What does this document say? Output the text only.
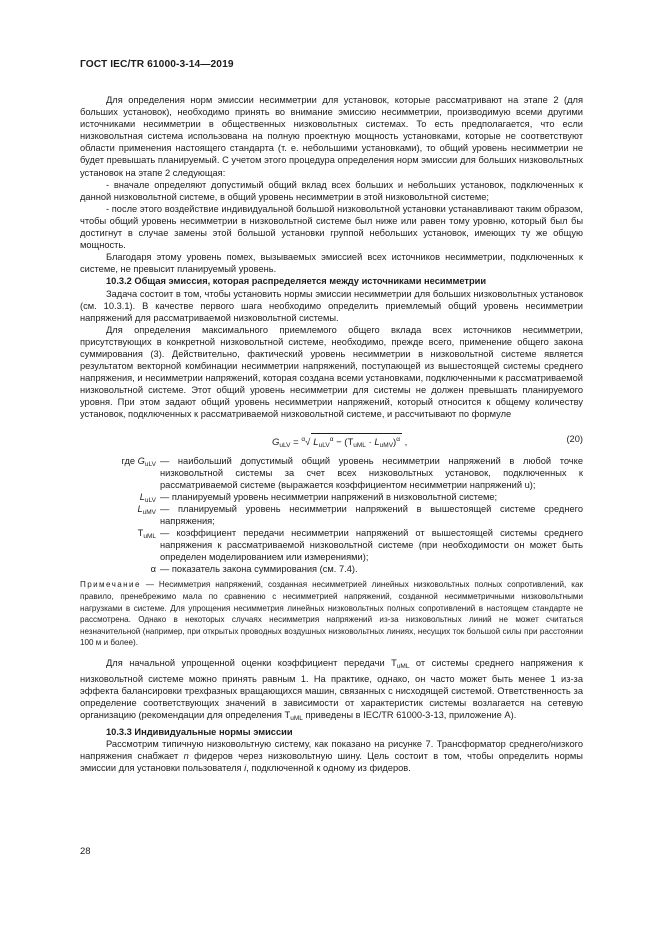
ГОСТ IEC/TR 61000-3-14—2019

Для определения норм эмиссии несимметрии для установок, которые рассматривают на этапе 2 (для больших установок), необходимо принять во внимание эмиссию несимметрии, производимую всеми другими источниками несимметрии в общественных низковольтных системах. То есть предполагается, что если низковольтная система использована на полную проектную мощность установками, которые не соответствуют области применения настоящего стандарта (т. е. небольшими установками), то общий уровень несимметрии не будет превышать планируемый. С учетом этого процедура определения норм эмиссии для больших низковольтных установок на этапе 2 следующая:

- вначале определяют допустимый общий вклад всех больших и небольших установок, подключенных к данной низковольтной системе, в общий уровень несимметрии в этой низковольтной системе;

- после этого воздействие индивидуальной большой низковольтной установки устанавливают таким образом, чтобы общий уровень несимметрии в низковольтной системе был ниже или равен тому уровню, который был бы достигнут в случае замены этой большой установки группой небольших установок, имеющих ту же общую мощность.

Благодаря этому уровень помех, вызываемых эмиссией всех источников несимметрии, подключенных к системе, не превысит планируемый уровень.

10.3.2 Общая эмиссия, которая распределяется между источниками несимметрии

Задача состоит в том, чтобы установить нормы эмиссии несимметрии для больших низковольтных установок (см. 10.3.1). В качестве первого шага необходимо определить приемлемый общий уровень несимметрии напряжений для рассматриваемой низковольтной системы.

Для определения максимального приемлемого общего вклада всех источников несимметрии, присутствующих в конкретной низковольтной системе, необходимо, прежде всего, применение общего закона суммирования (3). Действительно, фактический уровень несимметрии в низковольтной системе является результатом векторной комбинации несимметрии напряжений, поступающей из вышестоящей системы среднего напряжения, и несимметрии напряжений, которая создана всеми установками, подключенными к рассматриваемой низковольтной системе. Этот общий уровень несимметрии для системы не должен превышать планируемого уровня. При этом задают общий уровень несимметрии напряжений, который относится к общему количеству установок, подключенных к рассматриваемой низковольтной системе, и рассчитывают по формуле

$G_{uLV} = ^\alpha√$ $L_{uLV}^\alpha - (T_{uML} \cdot L_{uMV})^\alpha$ ,	(20)
где $G_{uLV}$ — наибольший допустимый общий уровень несимметрии напряжений в любой точке низковольтной системы за счет всех низковольтных установок, подключенных к рассматриваемой системе (выражается коэффициентом несимметрии напряжений u);
$L_{uLV}$ — планируемый уровень несимметрии напряжений в низковольтной системе;
$L_{uMV}$ — планируемый уровень несимметрии напряжений в вышестоящей системе среднего напряжения;
$T_{uML}$ — коэффициент передачи несимметрии напряжений от вышестоящей системы среднего напряжения к рассматриваемой низковольтной системе (при необходимости он может быть определен моделированием или измерениями);
α — показатель закона суммирования (см. 7.4).

Примечание — Несимметрия напряжений, созданная несимметрией линейных низковольтных полных сопротивлений, как правило, пренебрежимо мала по сравнению с несимметрией напряжений, созданной несимметричными низковольтными нагрузками в системе. Для упрощения несимметрия линейных низковольтных полных сопротивлений в настоящем стандарте не рассмотрена. Однако в некоторых случаях несимметрия напряжений из-за низковольтных линий не может считаться незначительной (например, при открытых проводных воздушных низковольтных линиях, несущих ток большой силы при расстоянии 100 м и более).

Для начальной упрощенной оценки коэффициент передачи $T_{uML}$ от системы среднего напряжения к низковольтной системе можно принять равным 1. На практике, однако, он часто может быть менее 1 из-за эффекта балансировки трехфазных вращающихся машин, связанных с нисходящей системой. Ответственность за определение соответствующих значений в зависимости от характеристик системы возлагается на сетевую организацию (рекомендации для определения $T_{uML}$ приведены в IEC/TR 61000-3-13, приложение А).

10.3.3 Индивидуальные нормы эмиссии

Рассмотрим типичную низковольтную систему, как показано на рисунке 7. Трансформатор среднего/низкого напряжения снабжает n фидеров через низковольтную шину. Цель состоит в том, чтобы определить нормы эмиссии для установки пользователя i, подключенной к одному из фидеров.

28
